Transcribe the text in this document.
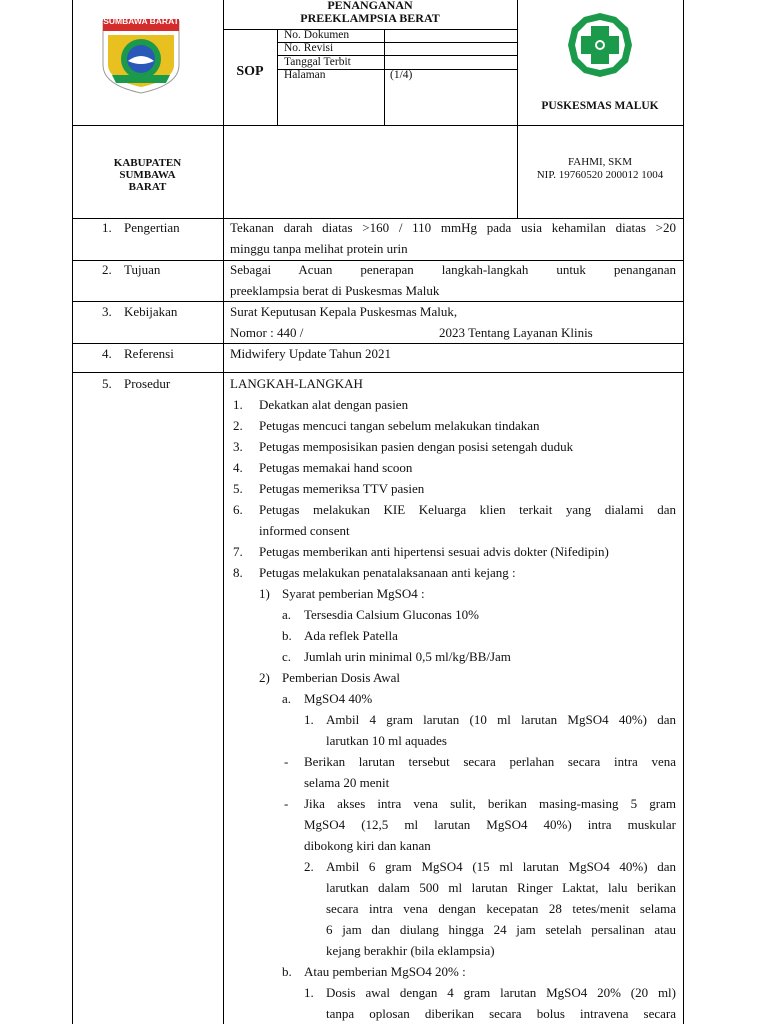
SUMBAWA BARAT
PENANGANAN
PREEKLAMPSIA BERAT
SOP
No. Dokumen
No. Revisi
Tanggal Terbit
Halaman	(1/4)
PUSKESMAS MALUK
KABUPATEN
SUMBAWA
BARAT
FAHMI, SKM
NIP. 19760520 200012 1004
1. Pengertian
2. Tujuan
3. Kebijakan
4. Referensi
5. Prosedur
Tekanan darah diatas >160 / 110 mmHg pada usia kehamilan diatas >20
minggu tanpa melihat protein urin
Sebagai Acuan penerapan langkah-langkah untuk penanganan
preeklampsia berat di Puskesmas Maluk
Surat Keputusan Kepala Puskesmas Maluk,
Nomor : 440 /	2023 Tentang Layanan Klinis
Midwifery Update Tahun 2021
LANGKAH-LANGKAH
1. Dekatkan alat dengan pasien
2. Petugas mencuci tangan sebelum melakukan tindakan
3. Petugas memposisikan pasien dengan posisi setengah duduk
4. Petugas memakai hand scoon
5. Petugas memeriksa TTV pasien
6. Petugas melakukan KIE Keluarga klien terkait yang dialami dan
informed consent
7. Petugas memberikan anti hipertensi sesuai advis dokter (Nifedipin)
8. Petugas melakukan penatalaksanaan anti kejang :
1) Syarat pemberian MgSO4 :
a. Tersesdia Calsium Gluconas 10%
b. Ada reflek Patella
c. Jumlah urin minimal 0,5 ml/kg/BB/Jam
2) Pemberian Dosis Awal
a. MgSO4 40%
1. Ambil 4 gram larutan (10 ml larutan MgSO4 40%) dan
larutkan 10 ml aquades
- Berikan larutan tersebut secara perlahan secara intra vena
selama 20 menit
- Jika akses intra vena sulit, berikan masing-masing 5 gram
MgSO4 (12,5 ml larutan MgSO4 40%) intra muskular
dibokong kiri dan kanan
2. Ambil 6 gram MgSO4 (15 ml larutan MgSO4 40%) dan
larutkan dalam 500 ml larutan Ringer Laktat, lalu berikan
secara intra vena dengan kecepatan 28 tetes/menit selama
6 jam dan diulang hingga 24 jam setelah persalinan atau
kejang berakhir (bila eklampsia)
b. Atau pemberian MgSO4 20% :
1. Dosis awal dengan 4 gram larutan MgSO4 20% (20 ml)
tanpa oplosan diberikan secara bolus intravena secara
